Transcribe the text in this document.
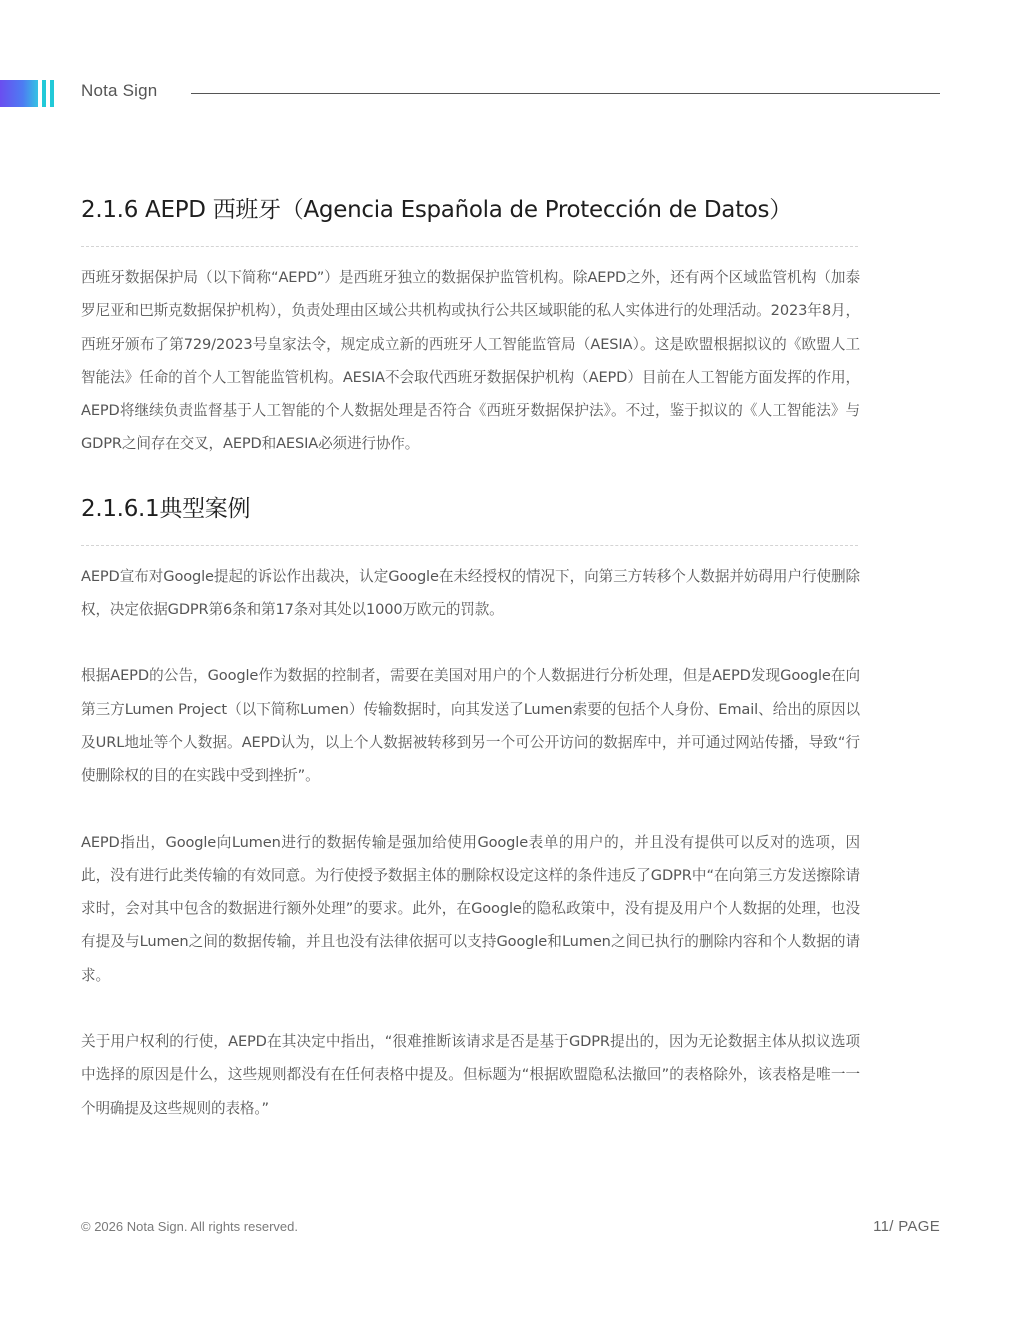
Nota Sign
2.1.6 AEPD 西班牙（Agencia Española de Protección de Datos）

西班牙数据保护局（以下简称“AEPD”）是西班牙独立的数据保护监管机构。除AEPD之外，还有两个区域监管机构（加泰罗尼亚和巴斯克数据保护机构），负责处理由区域公共机构或执行公共区域职能的私人实体进行的处理活动。2023年8月，西班牙颁布了第729/2023号皇家法令，规定成立新的西班牙人工智能监管局（AESIA）。这是欧盟根据拟议的《欧盟人工智能法》任命的首个人工智能监管机构。AESIA不会取代西班牙数据保护机构（AEPD）目前在人工智能方面发挥的作用，AEPD将继续负责监督基于人工智能的个人数据处理是否符合《西班牙数据保护法》。不过，鉴于拟议的《人工智能法》与GDPR之间存在交叉，AEPD和AESIA必须进行协作。

2.1.6.1典型案例

AEPD宣布对Google提起的诉讼作出裁决，认定Google在未经授权的情况下，向第三方转移个人数据并妨碍用户行使删除权，决定依据GDPR第6条和第17条对其处以1000万欧元的罚款。

根据AEPD的公告，Google作为数据的控制者，需要在美国对用户的个人数据进行分析处理，但是AEPD发现Google在向第三方Lumen Project（以下简称Lumen）传输数据时，向其发送了Lumen索要的包括个人身份、Email、给出的原因以及URL地址等个人数据。AEPD认为，以上个人数据被转移到另一个可公开访问的数据库中，并可通过网站传播，导致“行使删除权的目的在实践中受到挫折”。

AEPD指出，Google向Lumen进行的数据传输是强加给使用Google表单的用户的，并且没有提供可以反对的选项，因此，没有进行此类传输的有效同意。为行使授予数据主体的删除权设定这样的条件违反了GDPR中“在向第三方发送擦除请求时，会对其中包含的数据进行额外处理”的要求。此外，在Google的隐私政策中，没有提及用户个人数据的处理，也没有提及与Lumen之间的数据传输，并且也没有法律依据可以支持Google和Lumen之间已执行的删除内容和个人数据的请求。

关于用户权利的行使，AEPD在其决定中指出，“很难推断该请求是否是基于GDPR提出的，因为无论数据主体从拟议选项中选择的原因是什么，这些规则都没有在任何表格中提及。但标题为“根据欧盟隐私法撤回”的表格除外，该表格是唯一一个明确提及这些规则的表格。”

© 2026 Nota Sign. All rights reserved.	11/ PAGE
